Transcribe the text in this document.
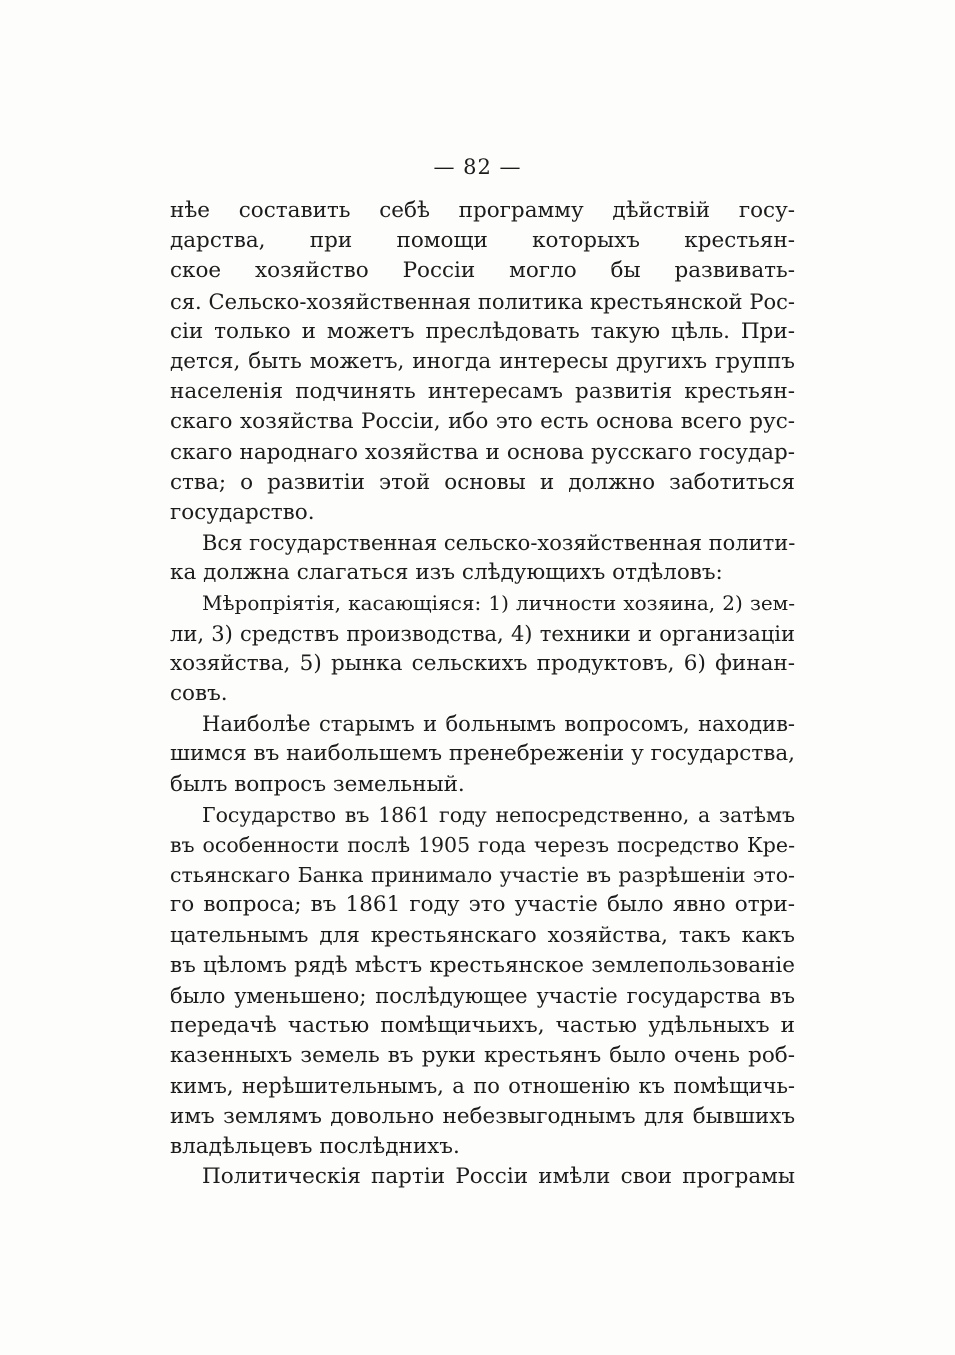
— 82 —
нѣе составить себѣ программу дѣйствій госу-
дарства, при помощи которыхъ крестьян-
ское хозяйство Россіи могло бы развивать-
ся. Сельско-хозяйственная политика крестьянской Рос-
сіи только и можетъ преслѣдовать такую цѣль. При-
дется, быть можетъ, иногда интересы другихъ группъ
населенія подчинять интересамъ развитія крестьян-
скаго хозяйства Россіи, ибо это есть основа всего рус-
скаго народнаго хозяйства и основа русскаго государ-
ства; о развитіи этой основы и должно заботиться
государство.
Вся государственная сельско-хозяйственная полити-
ка должна слагаться изъ слѣдующихъ отдѣловъ:
Мѣропріятія, касающіяся: 1) личности хозяина, 2) зем-
ли, 3) средствъ производства, 4) техники и организаціи
хозяйства, 5) рынка сельскихъ продуктовъ, 6) финан-
совъ.
Наиболѣе старымъ и больнымъ вопросомъ, находив-
шимся въ наибольшемъ пренебреженіи у государства,
былъ вопросъ земельный.
Государство въ 1861 году непосредственно, а затѣмъ
въ особенности послѣ 1905 года черезъ посредство Кре-
стьянскаго Банка принимало участіе въ разрѣшеніи это-
го вопроса; въ 1861 году это участіе было явно отри-
цательнымъ для крестьянскаго хозяйства, такъ какъ
въ цѣломъ рядѣ мѣстъ крестьянское землепользованіе
было уменьшено; послѣдующее участіе государства въ
передачѣ частью помѣщичьихъ, частью удѣльныхъ и
казенныхъ земель въ руки крестьянъ было очень роб-
кимъ, нерѣшительнымъ, а по отношенію къ помѣщичь-
имъ землямъ довольно небезвыгоднымъ для бывшихъ
владѣльцевъ послѣднихъ.
Политическія партіи Россіи имѣли свои програмы
